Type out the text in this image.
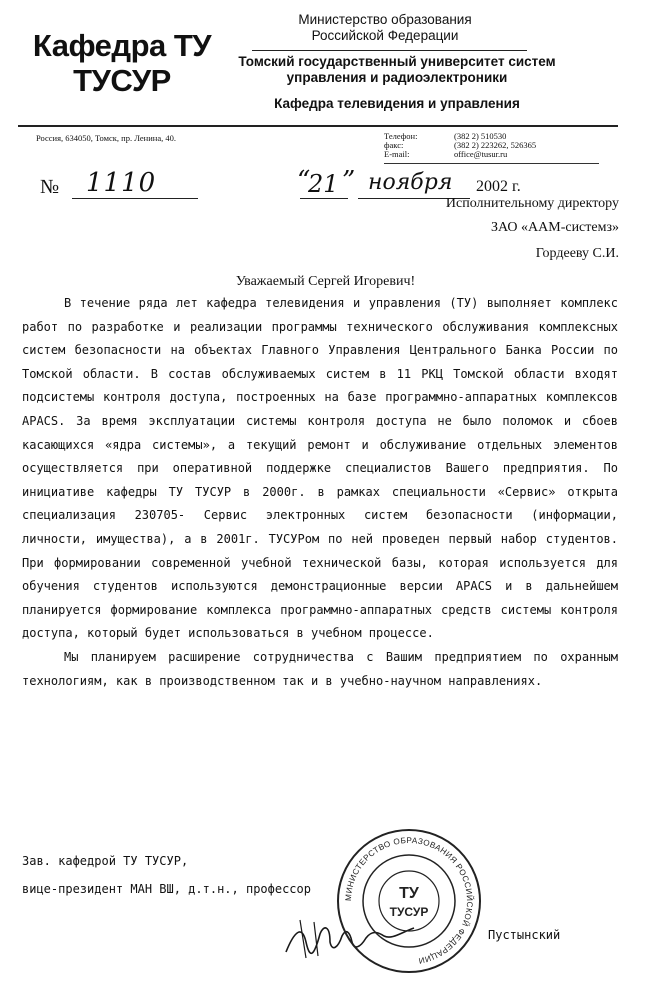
Кафедра ТУ
ТУСУР
Министерство образования
Российской Федерации
Томский государственный университет систем
управления и радиоэлектроники
Кафедра телевидения и управления
Россия, 634050, Томск, пр. Ленина, 40.	Телефон:	(382 2) 510530
факс:	(382 2) 223262, 526365
E-mail:	office@tusur.ru
№ 1110	“
21 ” ноября 2002 г.
Исполнительному директору
ЗАО «ААМ-системз»
Гордееву С.И.
Уважаемый Сергей Игоревич!

В течение ряда лет кафедра телевидения и управления (ТУ) выполняет комплекс работ по разработке и реализации программы технического обслуживания комплексных систем безопасности на объектах Главного Управления Центрального Банка России по Томской области. В состав обслуживаемых систем в 11 РКЦ Томской области входят подсистемы контроля доступа, построенных на базе программно-аппаратных комплексов APACS. За время эксплуатации системы контроля доступа не было поломок и сбоев касающихся «ядра системы», а текущий ремонт и обслуживание отдельных элементов осуществляется при оперативной поддержке специалистов Вашего предприятия. По инициативе кафедры ТУ ТУСУР в 2000г. в рамках специальности «Сервис» открыта специализация 230705- Сервис электронных систем безопасности (информации, личности, имущества), а в 2001г. ТУСУРом по ней проведен первый набор студентов. При формировании современной учебной технической базы, которая используется для обучения студентов используются демонстрационные версии APACS и в дальнейшем планируется формирование комплекса программно-аппаратных средств системы контроля доступа, который будет использоваться в учебном процессе.

Мы планируем расширение сотрудничества с Вашим предприятием по охранным технологиям, как в производственном так и в учебно-научном направлениях.

Зав. кафедрой ТУ ТУСУР,
вице-президент МАН ВШ, д.т.н., профессор
МИНИСТЕРСТВО ОБРАЗОВАНИЯ РОССИЙСКОЙ ФЕДЕРАЦИИ
ТУ
ТУСУР
Пустынский
